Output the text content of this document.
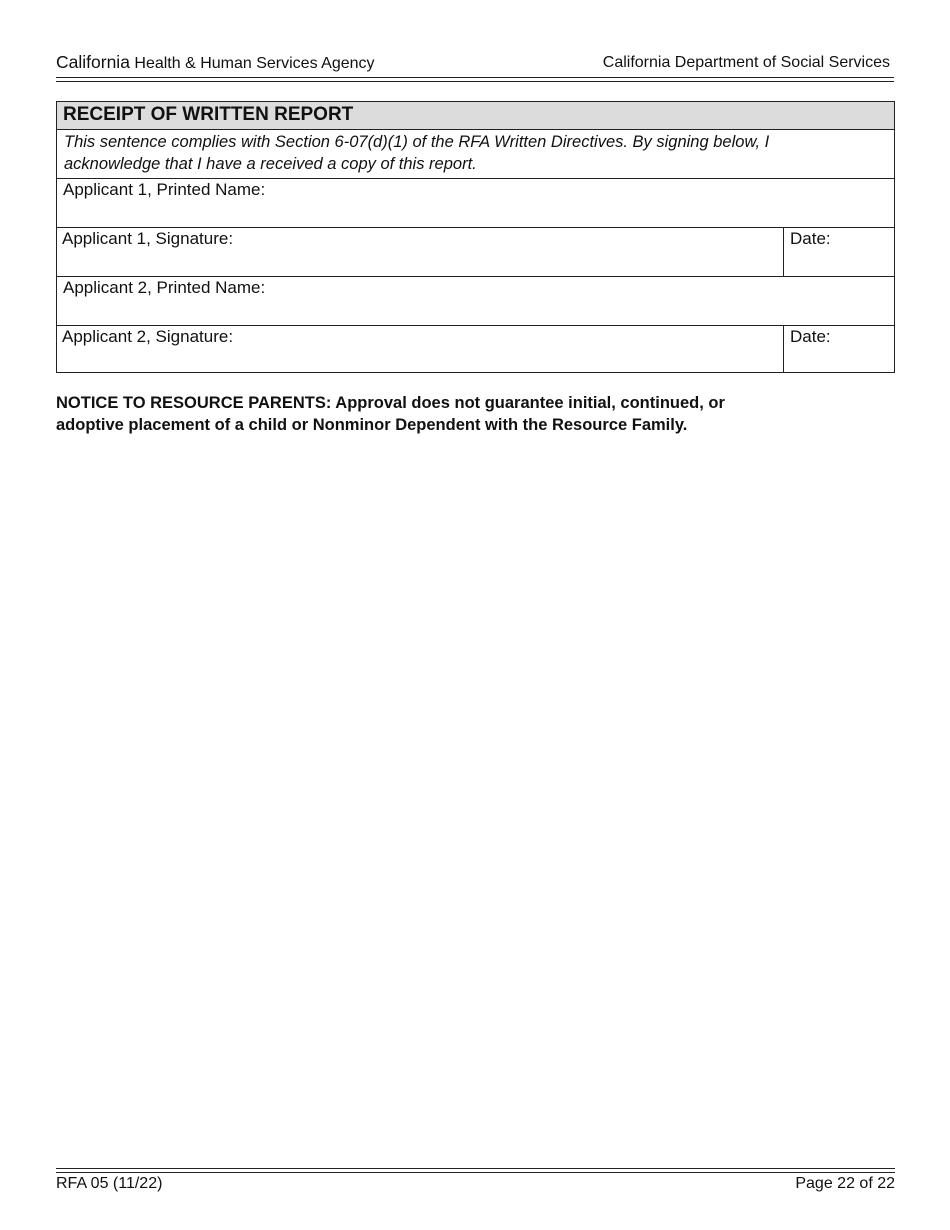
California Health & Human Services Agency	California Department of Social Services
RECEIPT OF WRITTEN REPORT
This sentence complies with Section 6-07(d)(1) of the RFA Written Directives. By signing below, I
acknowledge that I have a received a copy of this report.
Applicant 1, Printed Name:
Applicant 1, Signature:	Date:
Applicant 2, Printed Name:
Applicant 2, Signature:	Date:
NOTICE TO RESOURCE PARENTS: Approval does not guarantee initial, continued, or
adoptive placement of a child or Nonminor Dependent with the Resource Family.
RFA 05 (11/22)	Page 22 of 22
